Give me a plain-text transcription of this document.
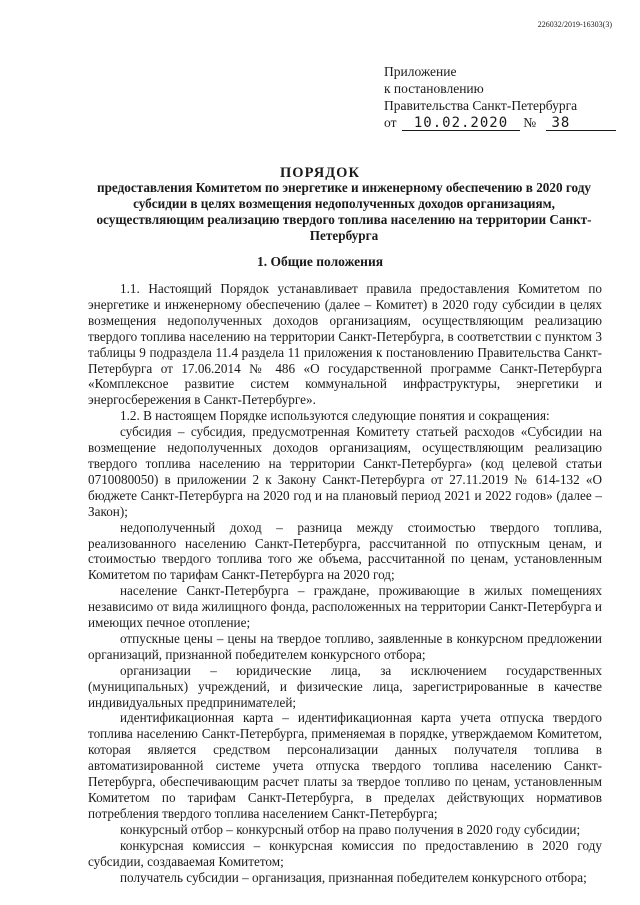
226032/2019-16303(3)
Приложение
к постановлению
Правительства Санкт-Петербурга
от 10.02.2020 № 38
ПОРЯДОК
предоставления Комитетом по энергетике и инженерному обеспечению в 2020 году субсидии в целях возмещения недополученных доходов организациям, осуществляющим реализацию твердого топлива населению на территории Санкт-Петербурга
1. Общие положения

1.1. Настоящий Порядок устанавливает правила предоставления Комитетом по энергетике и инженерному обеспечению (далее – Комитет) в 2020 году субсидии в целях возмещения недополученных доходов организациям, осуществляющим реализацию твердого топлива населению на территории Санкт-Петербурга, в соответствии с пунктом 3 таблицы 9 подраздела 11.4 раздела 11 приложения к постановлению Правительства Санкт-Петербурга от 17.06.2014 № 486 «О государственной программе Санкт-Петербурга «Комплексное развитие систем коммунальной инфраструктуры, энергетики и энергосбережения в Санкт-Петербурге».

1.2. В настоящем Порядке используются следующие понятия и сокращения:

субсидия – субсидия, предусмотренная Комитету статьей расходов «Субсидии на возмещение недополученных доходов организациям, осуществляющим реализацию твердого топлива населению на территории Санкт-Петербурга» (код целевой статьи 0710080050) в приложении 2 к Закону Санкт-Петербурга от 27.11.2019 № 614-132 «О бюджете Санкт-Петербурга на 2020 год и на плановый период 2021 и 2022 годов» (далее – Закон);

недополученный доход – разница между стоимостью твердого топлива, реализованного населению Санкт-Петербурга, рассчитанной по отпускным ценам, и стоимостью твердого топлива того же объема, рассчитанной по ценам, установленным Комитетом по тарифам Санкт-Петербурга на 2020 год;

население Санкт-Петербурга – граждане, проживающие в жилых помещениях независимо от вида жилищного фонда, расположенных на территории Санкт-Петербурга и имеющих печное отопление;

отпускные цены – цены на твердое топливо, заявленные в конкурсном предложении организаций, признанной победителем конкурсного отбора;

организации – юридические лица, за исключением государственных (муниципальных) учреждений, и физические лица, зарегистрированные в качестве индивидуальных предпринимателей;

идентификационная карта – идентификационная карта учета отпуска твердого топлива населению Санкт-Петербурга, применяемая в порядке, утверждаемом Комитетом, которая является средством персонализации данных получателя топлива в автоматизированной системе учета отпуска твердого топлива населению Санкт-Петербурга, обеспечивающим расчет платы за твердое топливо по ценам, установленным Комитетом по тарифам Санкт-Петербурга, в пределах действующих нормативов потребления твердого топлива населением Санкт-Петербурга;

конкурсный отбор – конкурсный отбор на право получения в 2020 году субсидии;

конкурсная комиссия – конкурсная комиссия по предоставлению в 2020 году субсидии, создаваемая Комитетом;

получатель субсидии – организация, признанная победителем конкурсного отбора;
